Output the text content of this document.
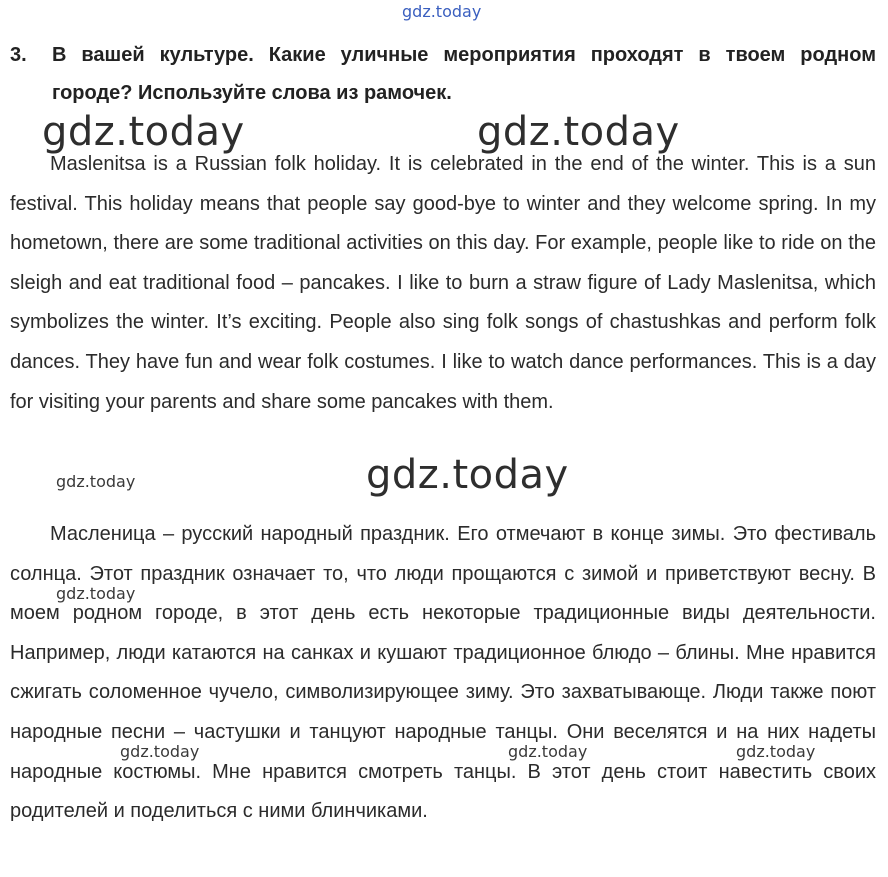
gdz.today
3. В вашей культуре. Какие уличные мероприятия проходят в твоем родном городе? Используйте слова из рамочек.
gdz.today	gdz.today
Maslenitsa is a Russian folk holiday. It is celebrated in the end of the winter. This is a sun festival. This holiday means that people say good-bye to winter and they welcome spring. In my hometown, there are some traditional activities on this day. For example, people like to ride on the sleigh and eat traditional food – pancakes. I like to burn a straw figure of Lady Maslenitsa, which symbolizes the winter. It’s exciting. People also sing folk songs of chastushkas and perform folk dances. They have fun and wear folk costumes. I like to watch dance performances. This is a day for visiting your parents and share some pancakes with them.
gdz.today	gdz.today
Масленица – русский народный праздник. Его отмечают в конце зимы. Это фестиваль солнца. Этот праздник означает то, что люди прощаются с зимой и приветствуют весну. В моем родном городе, в этот день есть некоторые традиционные виды деятельности. Например, люди катаются на санках и кушают традиционное блюдо – блины. Мне нравится сжигать соломенное чучело, символизирующее зиму. Это захватывающе. Люди также поют народные песни – частушки и танцуют народные танцы. Они веселятся и на них надеты народные костюмы. Мне нравится смотреть танцы. В этот день стоит навестить своих родителей и поделиться с ними блинчиками.
gdz.today
gdz.today	gdz.today	gdz.today
